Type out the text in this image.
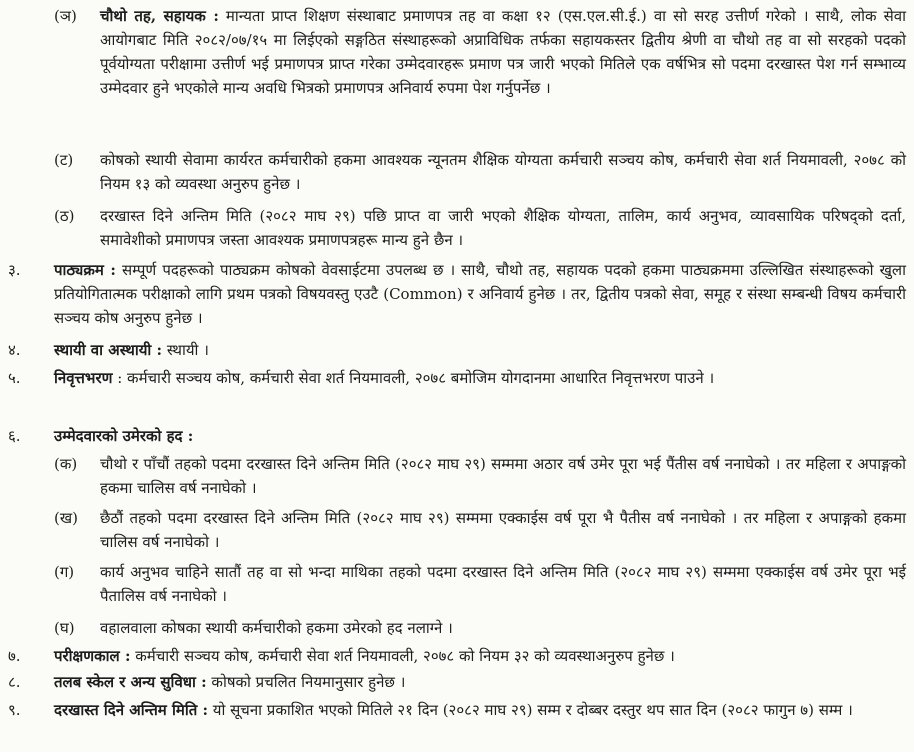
(ञ) चौथो तह, सहायक : मान्यता प्राप्त शिक्षण संस्थाबाट प्रमाणपत्र तह वा कक्षा १२ (एस.एल.सी.ई.) वा सो सरह उत्तीर्ण गरेको । साथै, लोक सेवा आयोगबाट मिति २०८२/०७/१५ मा लिईएको सङ्गठित संस्थाहरूको अप्राविधिक तर्फका सहायकस्तर द्वितीय श्रेणी वा चौथो तह वा सो सरहको पदको पूर्वयोग्यता परीक्षामा उत्तीर्ण भई प्रमाणपत्र प्राप्त गरेका उम्मेदवारहरू प्रमाण पत्र जारी भएको मितिले एक वर्षभित्र सो पदमा दरखास्त पेश गर्न सम्भाव्य उम्मेदवार हुने भएकोले मान्य अवधि भित्रको प्रमाणपत्र अनिवार्य रुपमा पेश गर्नुपर्नेछ ।
(ट) कोषको स्थायी सेवामा कार्यरत कर्मचारीको हकमा आवश्यक न्यूनतम शैक्षिक योग्यता कर्मचारी सञ्चय कोष, कर्मचारी सेवा शर्त नियमावली, २०७८ को नियम १३ को व्यवस्था अनुरुप हुनेछ ।
(ठ) दरखास्त दिने अन्तिम मिति (२०८२ माघ २९) पछि प्राप्त वा जारी भएको शैक्षिक योग्यता, तालिम, कार्य अनुभव, व्यावसायिक परिषद्को दर्ता, समावेशीको प्रमाणपत्र जस्ता आवश्यक प्रमाणपत्रहरू मान्य हुने छैन ।
३. पाठ्यक्रम : सम्पूर्ण पदहरूको पाठ्यक्रम कोषको वेवसाईटमा उपलब्ध छ । साथै, चौथो तह, सहायक पदको हकमा पाठ्यक्रममा उल्लिखित संस्थाहरूको खुला प्रतियोगितात्मक परीक्षाको लागि प्रथम पत्रको विषयवस्तु एउटै (Common) र अनिवार्य हुनेछ । तर, द्वितीय पत्रको सेवा, समूह र संस्था सम्बन्धी विषय कर्मचारी सञ्चय कोष अनुरुप हुनेछ ।
४. स्थायी वा अस्थायी : स्थायी ।
५. निवृत्तभरण : कर्मचारी सञ्चय कोष, कर्मचारी सेवा शर्त नियमावली, २०७८ बमोजिम योगदानमा आधारित निवृत्तभरण पाउने ।
६. उम्मेदवारको उमेरको हद :
(क) चौथो र पाँचौं तहको पदमा दरखास्त दिने अन्तिम मिति (२०८२ माघ २९) सम्ममा अठार वर्ष उमेर पूरा भई पैंतीस वर्ष ननाघेको । तर महिला र अपाङ्गको हकमा चालिस वर्ष ननाघेको ।
(ख) छैठौं तहको पदमा दरखास्त दिने अन्तिम मिति (२०८२ माघ २९) सम्ममा एक्काईस वर्ष पूरा भै पैतीस वर्ष ननाघेको । तर महिला र अपाङ्गको हकमा चालिस वर्ष ननाघेको ।
(ग) कार्य अनुभव चाहिने सातौं तह वा सो भन्दा माथिका तहको पदमा दरखास्त दिने अन्तिम मिति (२०८२ माघ २९) सम्ममा एक्काईस वर्ष उमेर पूरा भई पैतालिस वर्ष ननाघेको ।
(घ) वहालवाला कोषका स्थायी कर्मचारीको हकमा उमेरको हद नलाग्ने ।
७. परीक्षणकाल : कर्मचारी सञ्चय कोष, कर्मचारी सेवा शर्त नियमावली, २०७८ को नियम ३२ को व्यवस्थाअनुरुप हुनेछ ।
८. तलब स्केल र अन्य सुविधा : कोषको प्रचलित नियमानुसार हुनेछ ।
९. दरखास्त दिने अन्तिम मिति : यो सूचना प्रकाशित भएको मितिले २१ दिन (२०८२ माघ २९) सम्म र दोब्बर दस्तुर थप सात दिन (२०८२ फागुन ७) सम्म ।
